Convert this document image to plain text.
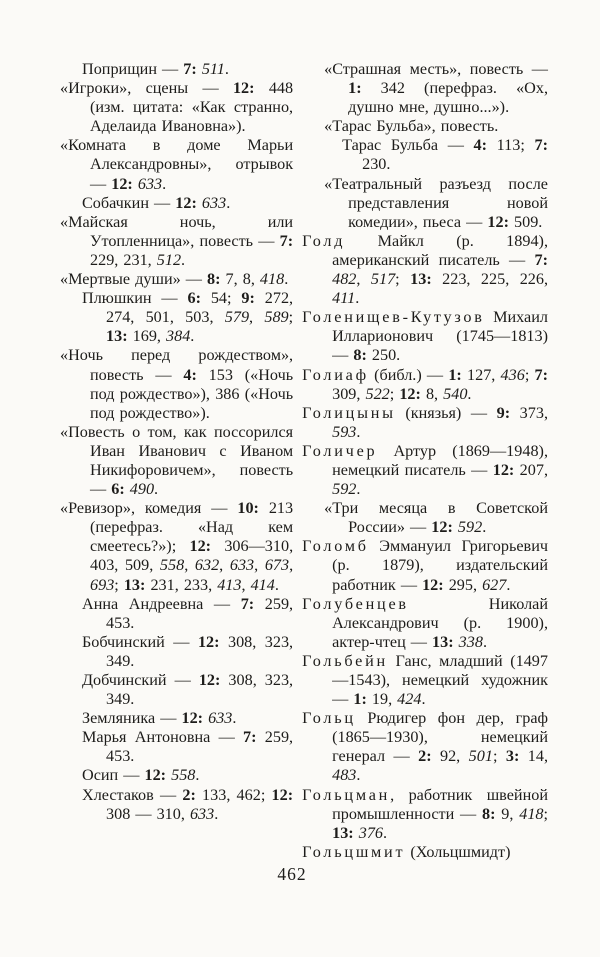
Поприщин — 7: 511.

«Игроки», сцены — 12: 448 (изм. цитата: «Как странно, Аделаида Ивановна»).

«Комната в доме Марьи Александровны», отрывок — 12: 633.

Собачкин — 12: 633.

«Майская ночь, или Утопленница», повесть — 7: 229, 231, 512.

«Мертвые души» — 8: 7, 8, 418.

Плюшкин — 6: 54; 9: 272, 274, 501, 503, 579, 589; 13: 169, 384.

«Ночь перед рождеством», повесть — 4: 153 («Ночь под рождество»), 386 («Ночь под рождество»).

«Повесть о том, как поссорился Иван Иванович с Иваном Никифоровичем», повесть — 6: 490.

«Ревизор», комедия — 10: 213 (перефраз. «Над кем смеетесь?»); 12: 306—310, 403, 509, 558, 632, 633, 673, 693; 13: 231, 233, 413, 414.

Анна Андреевна — 7: 259, 453.

Бобчинский — 12: 308, 323, 349.

Добчинский — 12: 308, 323, 349.

Земляника — 12: 633.

Марья Антоновна — 7: 259, 453.

Осип — 12: 558.

Хлестаков — 2: 133, 462; 12: 308 — 310, 633.

«Страшная месть», повесть — 1: 342 (перефраз. «Ох, душно мне, душно...»).

«Тарас Бульба», повесть.

Тарас Бульба — 4: 113; 7: 230.

«Театральный разъезд после представления новой комедии», пьеса — 12: 509.

Голд Майкл (р. 1894), американский писатель — 7: 482, 517; 13: 223, 225, 226, 411.

Голенищев-Кутузов Михаил Илларионович (1745—1813) — 8: 250.

Голиаф (библ.) — 1: 127, 436; 7: 309, 522; 12: 8, 540.

Голицыны (князья) — 9: 373, 593.

Голичер Артур (1869—1948), немецкий писатель — 12: 207, 592.

«Три месяца в Советской России» — 12: 592.

Голомб Эммануил Григорьевич (р. 1879), издательский работник — 12: 295, 627.

Голубенцев Николай Александрович (р. 1900), актер-чтец — 13: 338.

Гольбейн Ганс, младший (1497—1543), немецкий художник — 1: 19, 424.

Гольц Рюдигер фон дер, граф (1865—1930), немецкий генерал — 2: 92, 501; 3: 14, 483.

Гольцман, работник швейной промышленности — 8: 9, 418; 13: 376.

Гольцшмит (Хольцшмидт)

462
